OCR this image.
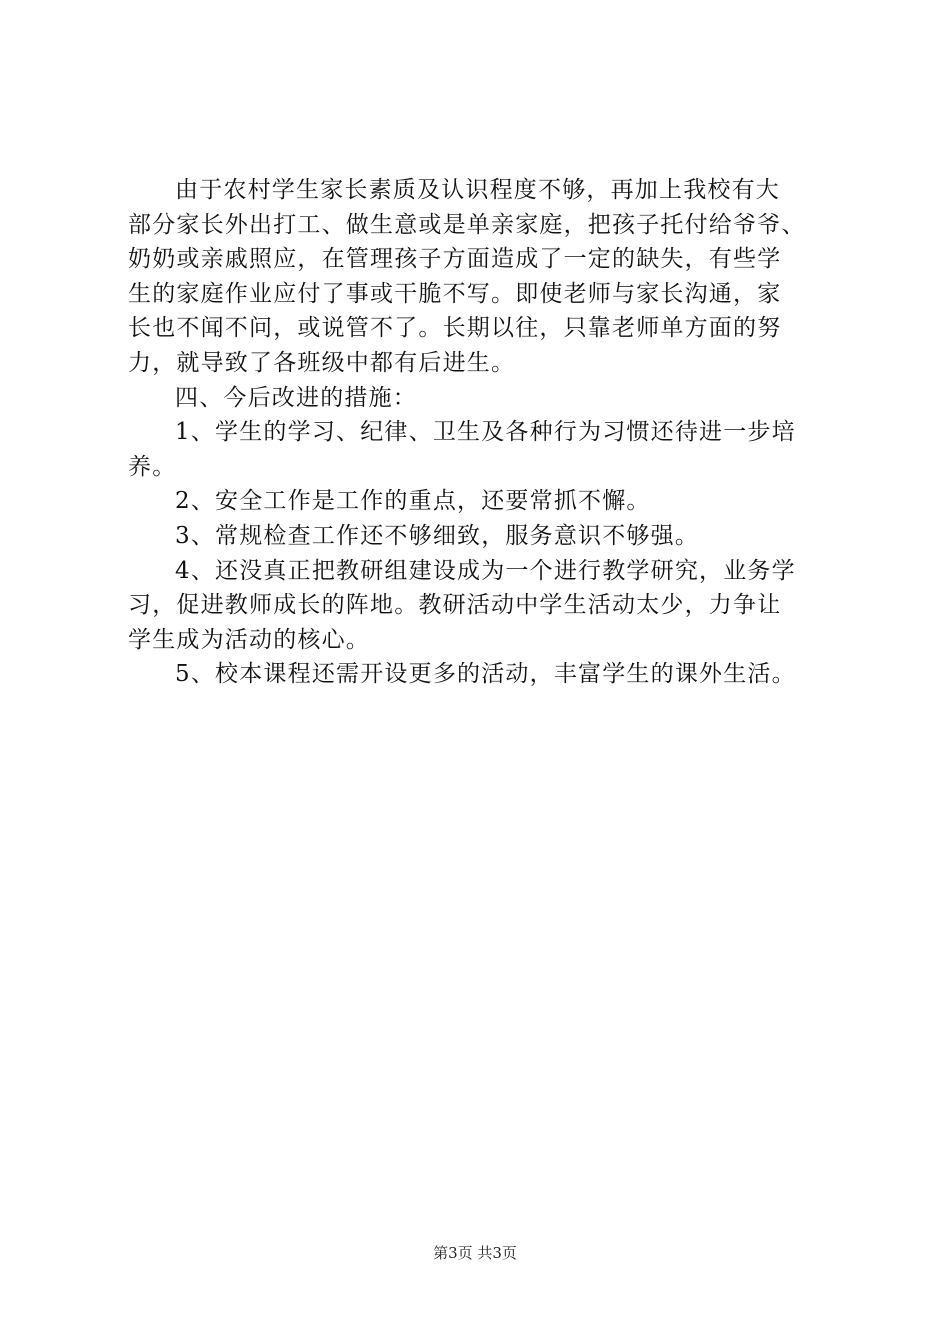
由于农村学生家长素质及认识程度不够，再加上我校有大
部分家长外出打工、做生意或是单亲家庭，把孩子托付给爷爷、
奶奶或亲戚照应，在管理孩子方面造成了一定的缺失，有些学
生的家庭作业应付了事或干脆不写。即使老师与家长沟通，家
长也不闻不问，或说管不了。长期以往，只靠老师单方面的努
力，就导致了各班级中都有后进生。
四、今后改进的措施：
1、学生的学习、纪律、卫生及各种行为习惯还待进一步培
养。
2、安全工作是工作的重点，还要常抓不懈。
3、常规检查工作还不够细致，服务意识不够强。
4、还没真正把教研组建设成为一个进行教学研究，业务学
习，促进教师成长的阵地。教研活动中学生活动太少，力争让
学生成为活动的核心。
5、校本课程还需开设更多的活动，丰富学生的课外生活。
第3页 共3页
